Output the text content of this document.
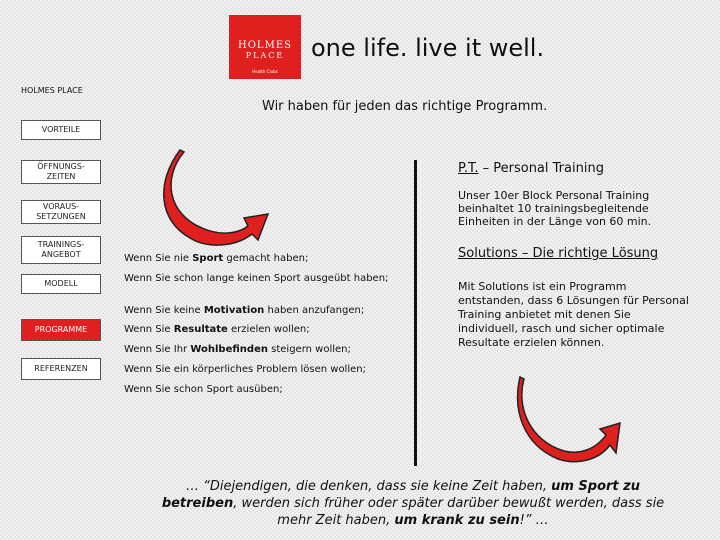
HOLMES
PLACE
Health Clubs
one life. live it well.
HOLMES PLACE
Wir haben für jeden das richtige Programm.
VORTEILE
ÖFFNUNGS-
ZEITEN
VORAUS-
SETZUNGEN
TRAININGS-
ANGEBOT
MODELL
PROGRAMME
REFERENZEN
Wenn Sie nie Sport gemacht haben;
Wenn Sie schon lange keinen Sport ausgeübt haben;
Wenn Sie keine Motivation haben anzufangen;
Wenn Sie Resultate erzielen wollen;
Wenn Sie Ihr Wohlbefinden steigern wollen;
Wenn Sie ein körperliches Problem lösen wollen;
Wenn Sie schon Sport ausüben;
P.T. – Personal Training
Unser 10er Block Personal Training beinhaltet 10 trainingsbegleitende Einheiten in der Länge von 60 min.
Solutions – Die richtige Lösung
Mit Solutions ist ein Programm entstanden, dass 6 Lösungen für Personal Training anbietet mit denen Sie individuell, rasch und sicher optimale Resultate erzielen können.
… “Diejendigen, die denken, dass sie keine Zeit haben, um Sport zu betreiben, werden sich früher oder später darüber bewußt werden, dass sie mehr Zeit haben, um krank zu sein!” …
